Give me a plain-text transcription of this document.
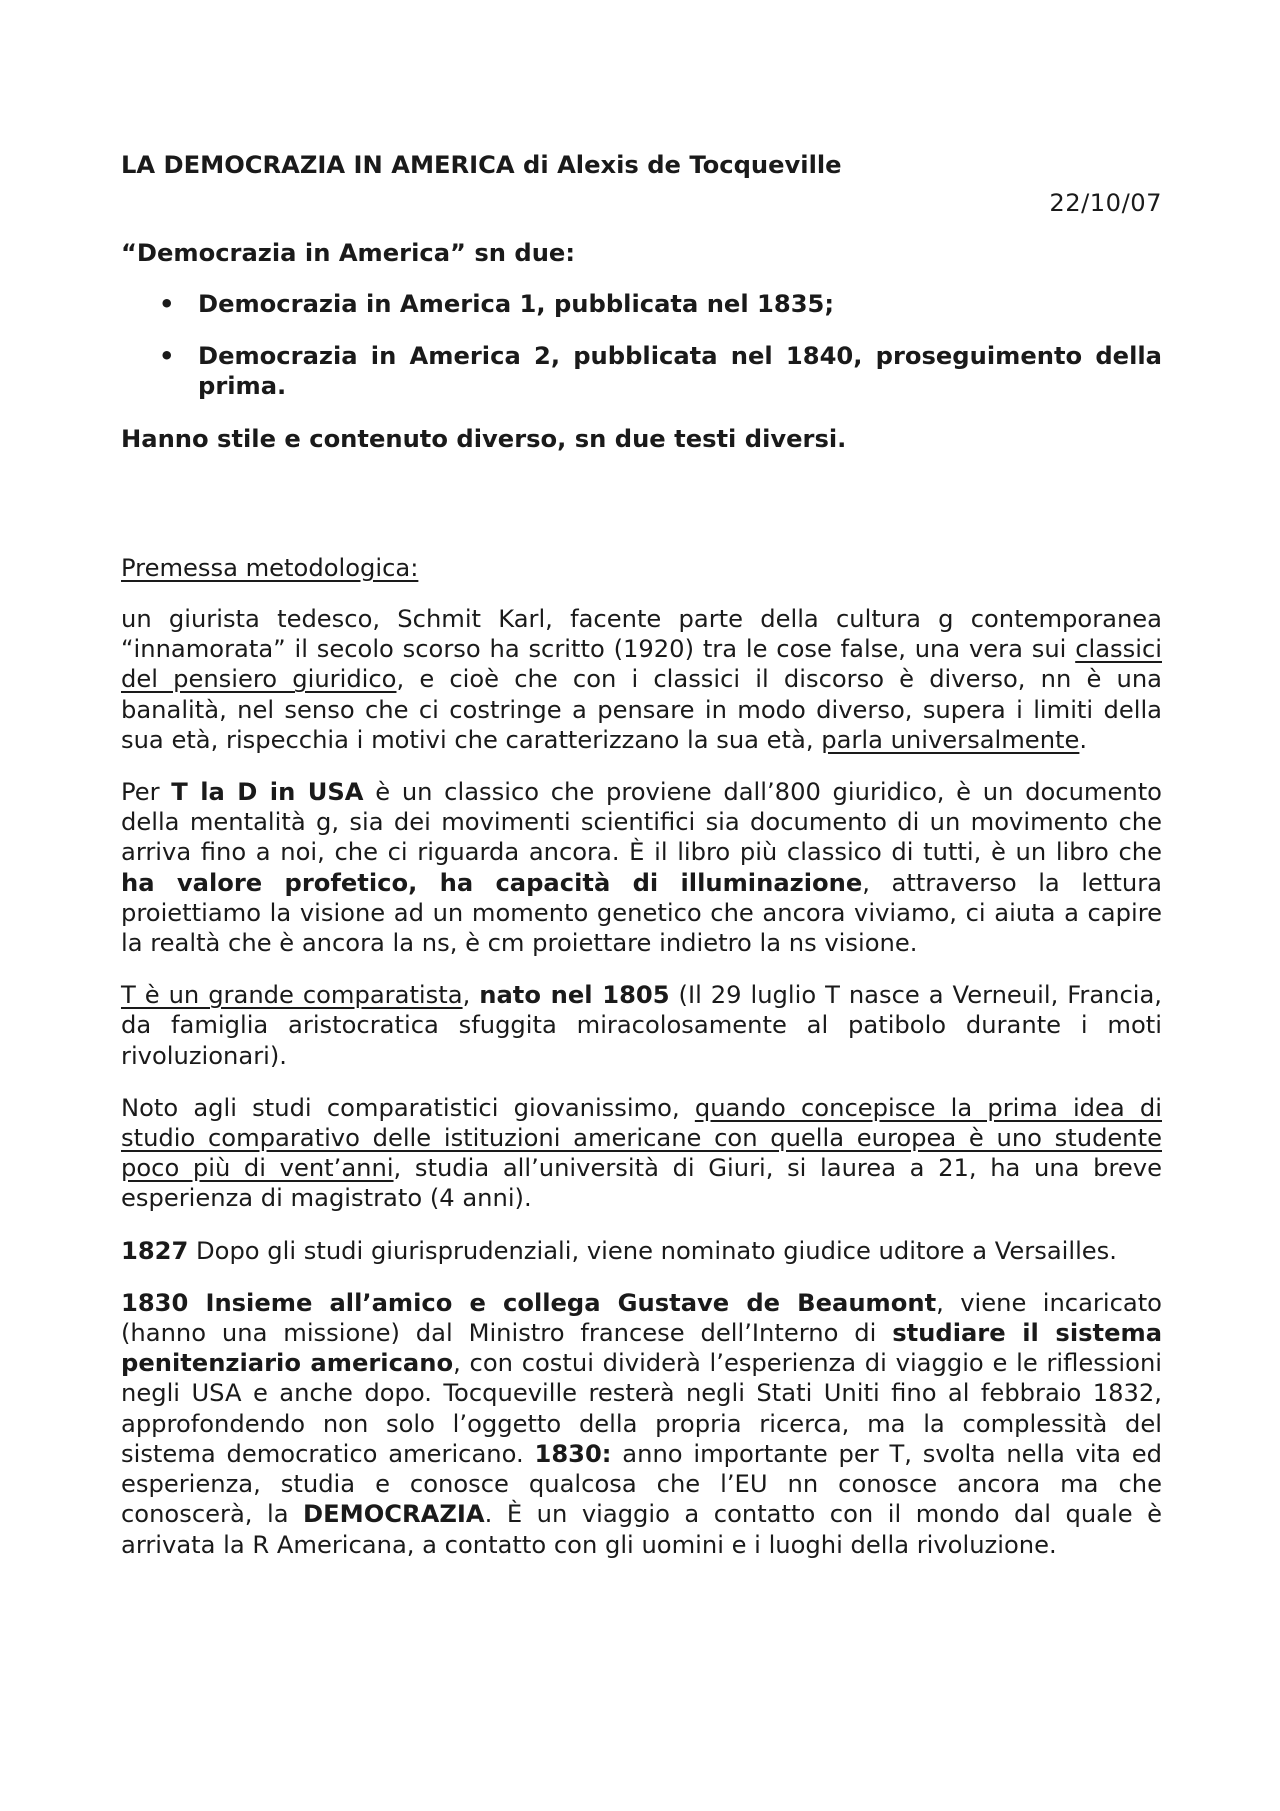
LA DEMOCRAZIA IN AMERICA di Alexis de Tocqueville

22/10/07

“Democrazia in America” sn due:

• Democrazia in America 1, pubblicata nel 1835;
• Democrazia in America 2, pubblicata nel 1840, proseguimento della prima.

Hanno stile e contenuto diverso, sn due testi diversi.

Premessa metodologica:

un giurista tedesco, Schmit Karl, facente parte della cultura g contemporanea “innamorata” il secolo scorso ha scritto (1920) tra le cose false, una vera sui classici del pensiero giuridico, e cioè che con i classici il discorso è diverso, nn è una banalità, nel senso che ci costringe a pensare in modo diverso, supera i limiti della sua età, rispecchia i motivi che caratterizzano la sua età, parla universalmente.

Per T la D in USA è un classico che proviene dall’800 giuridico, è un documento della mentalità g, sia dei movimenti scientifici sia documento di un movimento che arriva fino a noi, che ci riguarda ancora. È il libro più classico di tutti, è un libro che ha valore profetico, ha capacità di illuminazione, attraverso la lettura proiettiamo la visione ad un momento genetico che ancora viviamo, ci aiuta a capire la realtà che è ancora la ns, è cm proiettare indietro la ns visione.

T è un grande comparatista, nato nel 1805 (Il 29 luglio T nasce a Verneuil, Francia, da famiglia aristocratica sfuggita miracolosamente al patibolo durante i moti rivoluzionari).

Noto agli studi comparatistici giovanissimo, quando concepisce la prima idea di studio comparativo delle istituzioni americane con quella europea è uno studente poco più di vent’anni, studia all’università di Giuri, si laurea a 21, ha una breve esperienza di magistrato (4 anni).

1827 Dopo gli studi giurisprudenziali, viene nominato giudice uditore a Versailles.

1830 Insieme all’amico e collega Gustave de Beaumont, viene incaricato (hanno una missione) dal Ministro francese dell’Interno di studiare il sistema penitenziario americano, con costui dividerà l’esperienza di viaggio e le riflessioni negli USA e anche dopo. Tocqueville resterà negli Stati Uniti fino al febbraio 1832, approfondendo non solo l’oggetto della propria ricerca, ma la complessità del sistema democratico americano. 1830: anno importante per T, svolta nella vita ed esperienza, studia e conosce qualcosa che l’EU nn conosce ancora ma che conoscerà, la DEMOCRAZIA. È un viaggio a contatto con il mondo dal quale è arrivata la R Americana, a contatto con gli uomini e i luoghi della rivoluzione.
